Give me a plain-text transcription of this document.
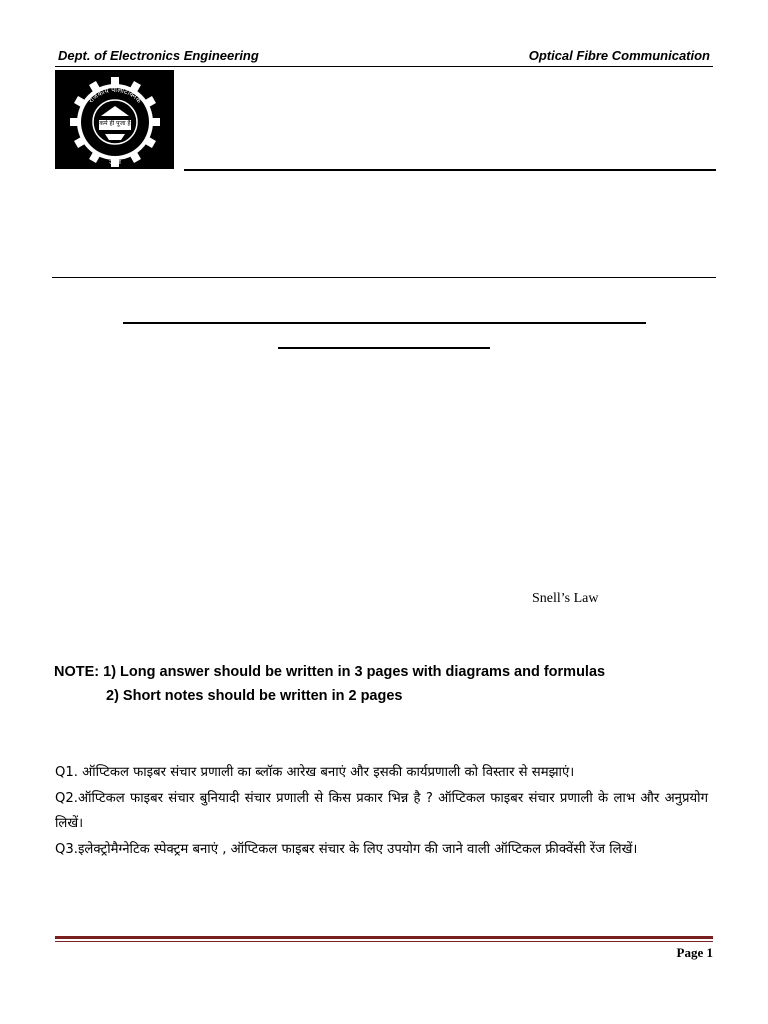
Dept. of Electronics Engineering	Optical Fibre Communication
राजकीय पॉलीटेक्निक
कर्म ही पूजा है
उन्नाव
Snell’s Law
NOTE: 1) Long answer should be written in 3 pages with diagrams and formulas
2) Short notes should be written in 2 pages

Q1. ऑप्टिकल फाइबर संचार प्रणाली का ब्लॉक आरेख बनाएं और इसकी कार्यप्रणाली को विस्तार से समझाएं।

Q2.ऑप्टिकल फाइबर संचार बुनियादी संचार प्रणाली से किस प्रकार भिन्न है ? ऑप्टिकल फाइबर संचार प्रणाली के लाभ और अनुप्रयोग लिखें।

Q3.इलेक्ट्रोमैग्नेटिक स्पेक्ट्रम बनाएं , ऑप्टिकल फाइबर संचार के लिए उपयोग की जाने वाली ऑप्टिकल फ्रीक्वेंसी रेंज लिखें।

Page 1
